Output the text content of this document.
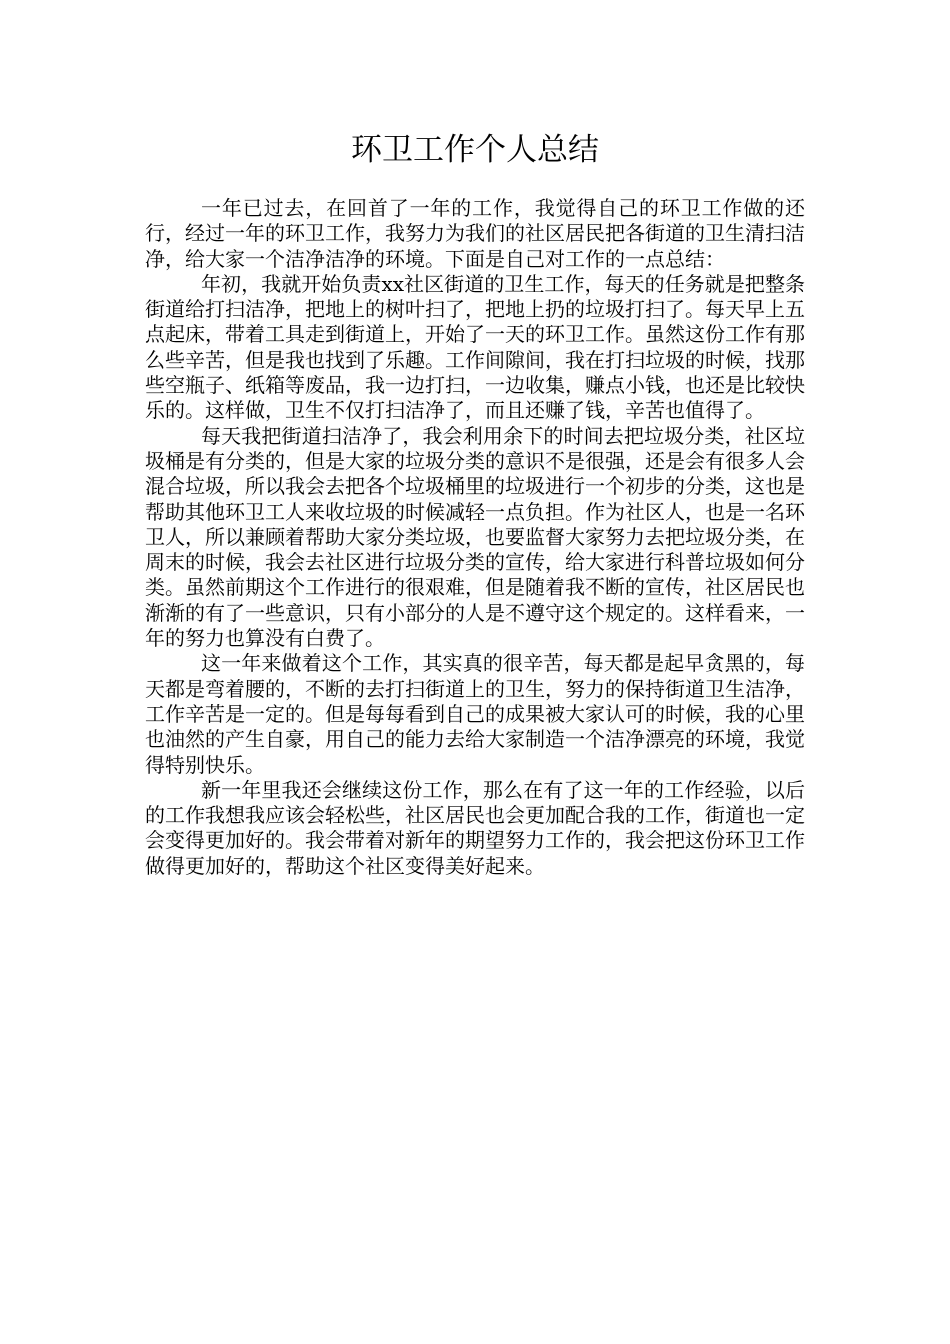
环卫工作个人总结

一年已过去，在回首了一年的工作，我觉得自己的环卫工作做的还行，经过一年的环卫工作，我努力为我们的社区居民把各街道的卫生清扫洁净，给大家一个洁净洁净的环境。下面是自己对工作的一点总结：

年初，我就开始负责xx社区街道的卫生工作，每天的任务就是把整条街道给打扫洁净，把地上的树叶扫了，把地上扔的垃圾打扫了。每天早上五点起床，带着工具走到街道上，开始了一天的环卫工作。虽然这份工作有那么些辛苦，但是我也找到了乐趣。工作间隙间，我在打扫垃圾的时候，找那些空瓶子、纸箱等废品，我一边打扫，一边收集，赚点小钱，也还是比较快乐的。这样做，卫生不仅打扫洁净了，而且还赚了钱，辛苦也值得了。

每天我把街道扫洁净了，我会利用余下的时间去把垃圾分类，社区垃圾桶是有分类的，但是大家的垃圾分类的意识不是很强，还是会有很多人会混合垃圾，所以我会去把各个垃圾桶里的垃圾进行一个初步的分类，这也是帮助其他环卫工人来收垃圾的时候减轻一点负担。作为社区人，也是一名环卫人，所以兼顾着帮助大家分类垃圾，也要监督大家努力去把垃圾分类，在周末的时候，我会去社区进行垃圾分类的宣传，给大家进行科普垃圾如何分类。虽然前期这个工作进行的很艰难，但是随着我不断的宣传，社区居民也渐渐的有了一些意识，只有小部分的人是不遵守这个规定的。这样看来，一年的努力也算没有白费了。

这一年来做着这个工作，其实真的很辛苦，每天都是起早贪黑的，每天都是弯着腰的，不断的去打扫街道上的卫生，努力的保持街道卫生洁净，工作辛苦是一定的。但是每每看到自己的成果被大家认可的时候，我的心里也油然的产生自豪，用自己的能力去给大家制造一个洁净漂亮的环境，我觉得特别快乐。

新一年里我还会继续这份工作，那么在有了这一年的工作经验，以后的工作我想我应该会轻松些，社区居民也会更加配合我的工作，街道也一定会变得更加好的。我会带着对新年的期望努力工作的，我会把这份环卫工作做得更加好的，帮助这个社区变得美好起来。
